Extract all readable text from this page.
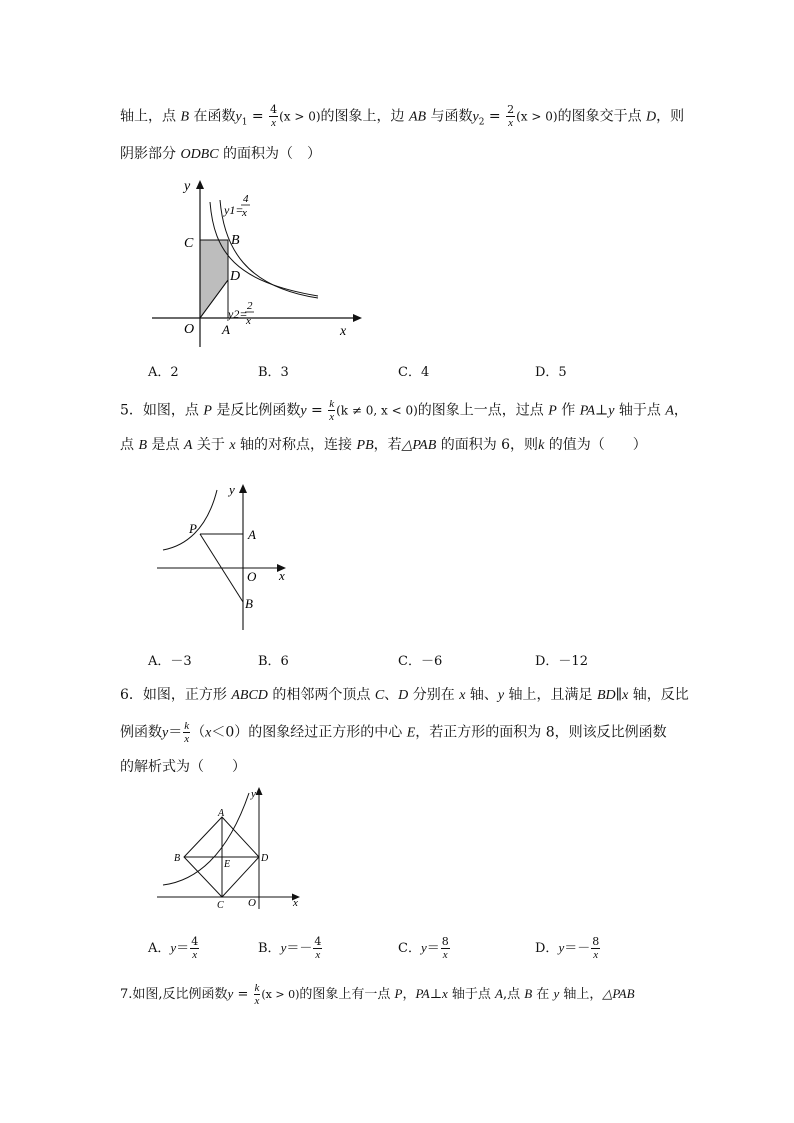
轴上，点 B 在函数$y_1 = \frac{4}{x} (x > 0)$的图象上，边 AB 与函数$y_2 = \frac{2}{x} (x > 0)$的图象交于点 D，则
阴影部分 ODBC 的面积为（　）
y
x
O A
B
C
D
y1=
4
x
y2=
2
x
A．2	B．3	C．4	D．5
5．如图，点 P 是反比例函数$y = \frac{k}{x} (k \ne 0$, x < 0)的图象上一点，过点 P 作 PA⊥y 轴于点 A，
点 B 是点 A 关于 x 轴的对称点，连接 PB，若△PAB 的面积为 6，则k 的值为（　　）
y
x
O
A
B
P
A．－3	B．6	C．－6	D．－12
6．如图，正方形 ABCD 的相邻两个顶点 C、D 分别在 x 轴、y 轴上，且满足 BD∥x 轴，反比
例函数$y= \frac{k}{x} (x<0)$的图象经过正方形的中心 E，若正方形的面积为 8，则该反比例函数
的解析式为（　　）
y
x
O
A
B
C
D
E
A．$y= \frac{4}{x}$	B．$y=- \frac{4}{x}$	C．$y= \frac{8}{x}$	D．$y=- \frac{8}{x}$
7.如图,反比例函数$y = \frac{k}{x} (x > 0)$的图象上有一点 P，PA⊥x 轴于点 A,点 B 在 y 轴上，△PAB
